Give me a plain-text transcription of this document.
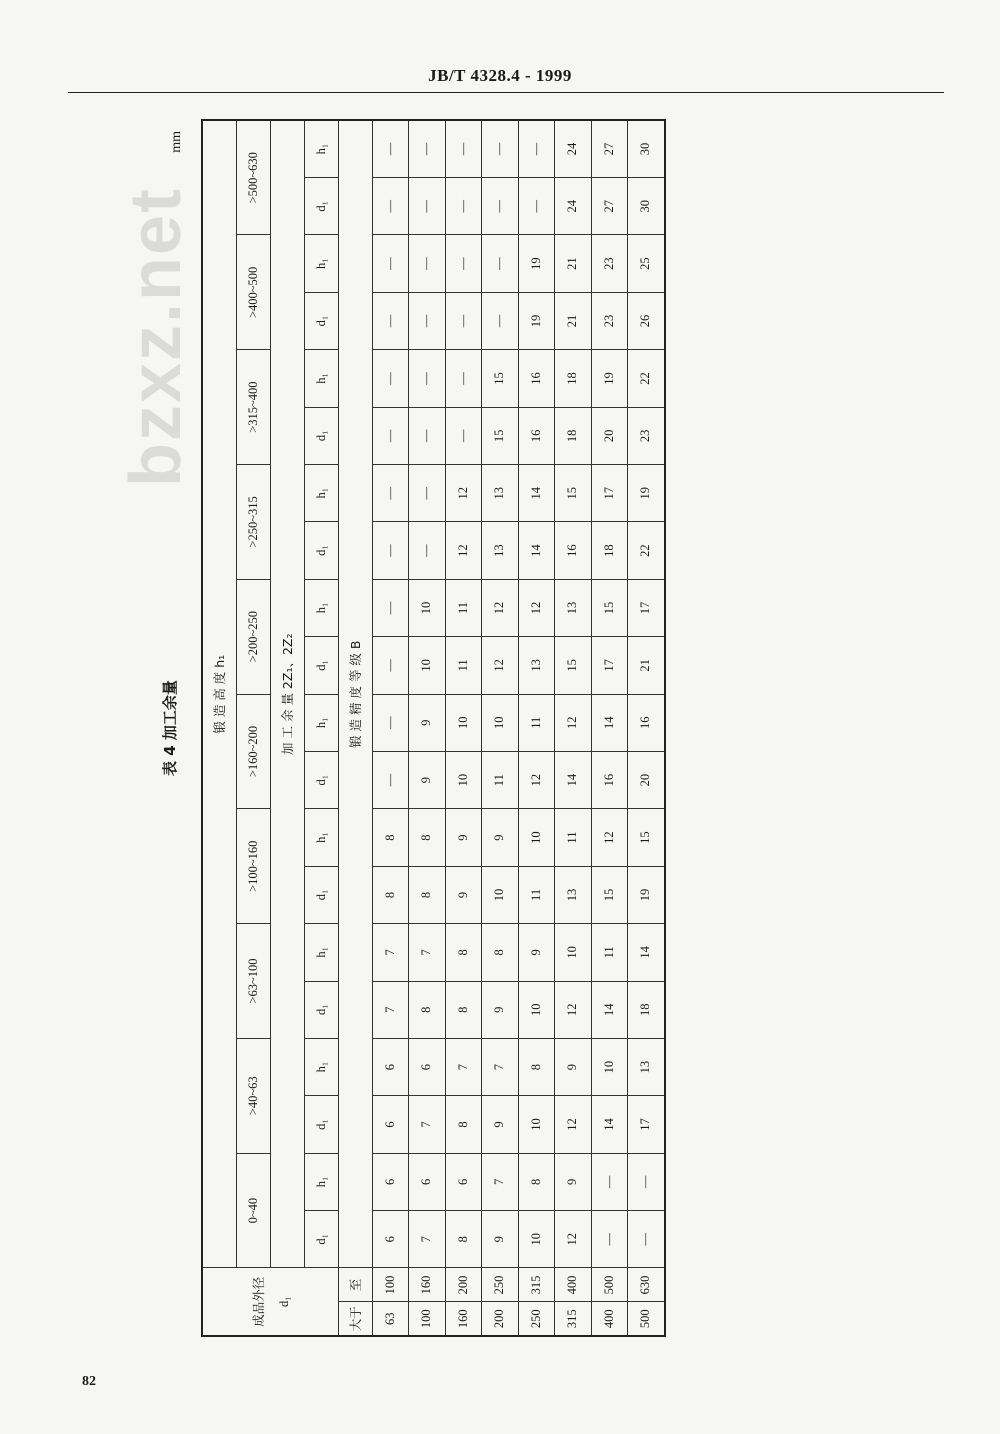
JB/T 4328.4 - 1999
bzxz.net
表 4 加工余量
mm
成品外径 d₁		锻 造 高 度 h₁																			
		0~40		>40~63		>63~100		>100~160		>160~200		>200~250		>250~315		>315~400		>400~500		>500~630	
		加 工 余 量 2Z₁、2Z₂																			
		d₁	h₁	d₁	h₁	d₁	h₁	d₁	h₁	d₁	h₁	d₁	h₁	d₁	h₁	d₁	h₁	d₁	h₁	d₁	h₁
大于	至	锻 造 精 度 等 级 B																			
63	100	6	6	6	6	7	7	8	8	—	—	—	—	—	—	—	—	—	—	—	—
100	160	7	6	7	6	8	7	8	8	9	9	10	10	—	—	—	—	—	—	—	—
160	200	8	6	8	7	8	8	9	9	10	10	11	11	12	12	—	—	—	—	—	—
200	250	9	7	9	7	9	8	10	9	11	10	12	12	13	13	15	15	—	—	—	—
250	315	10	8	10	8	10	9	11	10	12	11	13	12	14	14	16	16	19	19	—	—
315	400	12	9	12	9	12	10	13	11	14	12	15	13	16	15	18	18	21	21	24	24
400	500	—	—	14	10	14	11	15	12	16	14	17	15	18	17	20	19	23	23	27	27
500	630	—	—	17	13	18	14	19	15	20	16	21	17	22	19	23	22	26	25	30	30
82
